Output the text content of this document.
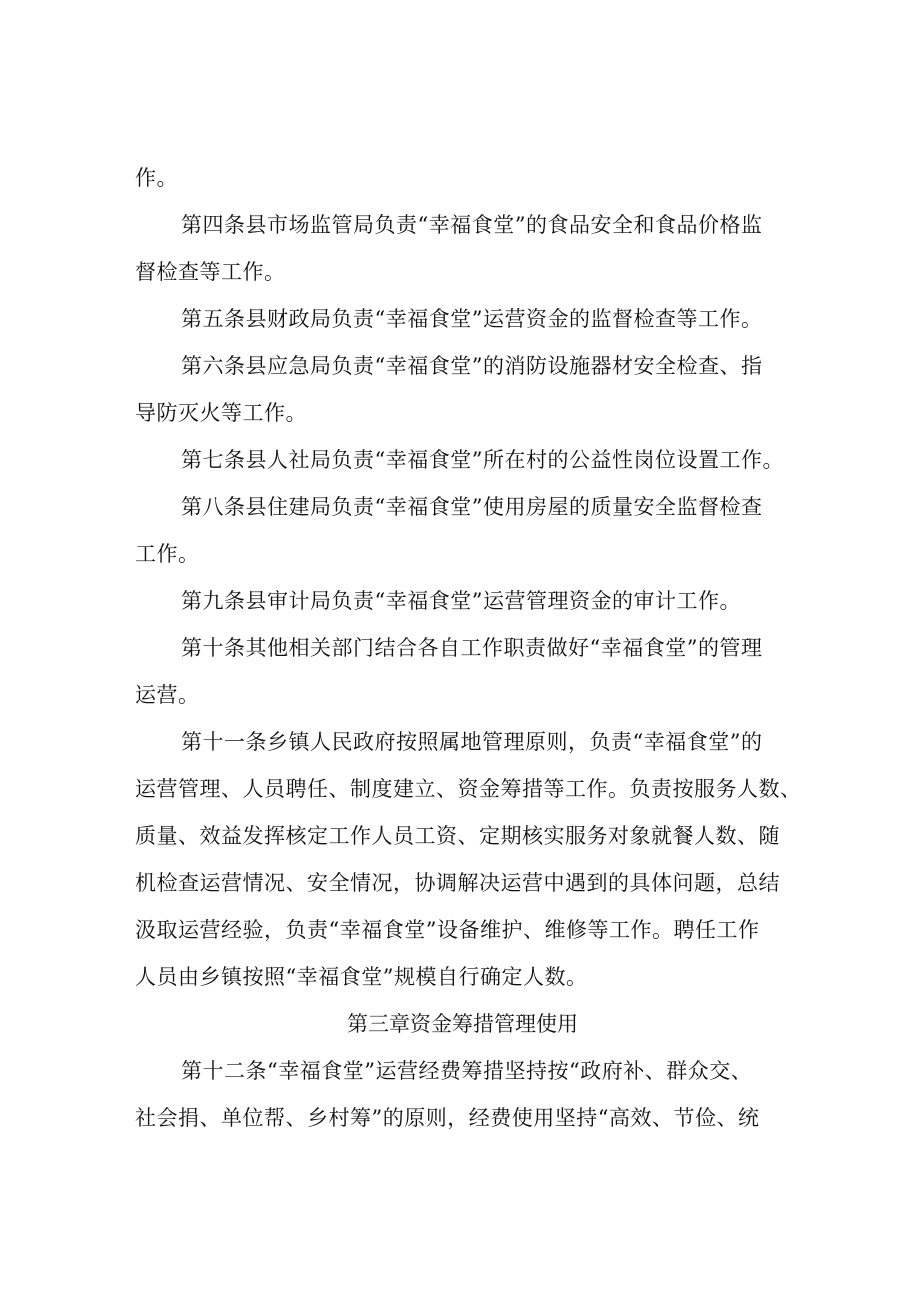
作。
第四条县市场监管局负责“幸福食堂”的食品安全和食品价格监
督检查等工作。
第五条县财政局负责“幸福食堂”运营资金的监督检查等工作。
第六条县应急局负责“幸福食堂”的消防设施器材安全检查、指
导防灭火等工作。
第七条县人社局负责“幸福食堂”所在村的公益性岗位设置工作。
第八条县住建局负责“幸福食堂”使用房屋的质量安全监督检查
工作。
第九条县审计局负责“幸福食堂”运营管理资金的审计工作。
第十条其他相关部门结合各自工作职责做好“幸福食堂”的管理
运营。
第十一条乡镇人民政府按照属地管理原则，负责“幸福食堂”的
运营管理、人员聘任、制度建立、资金筹措等工作。负责按服务人数、
质量、效益发挥核定工作人员工资、定期核实服务对象就餐人数、随
机检查运营情况、安全情况，协调解决运营中遇到的具体问题，总结
汲取运营经验，负责“幸福食堂”设备维护、维修等工作。聘任工作
人员由乡镇按照“幸福食堂”规模自行确定人数。
第三章资金筹措管理使用
第十二条“幸福食堂”运营经费筹措坚持按“政府补、群众交、
社会捐、单位帮、乡村筹”的原则，经费使用坚持“高效、节俭、统
